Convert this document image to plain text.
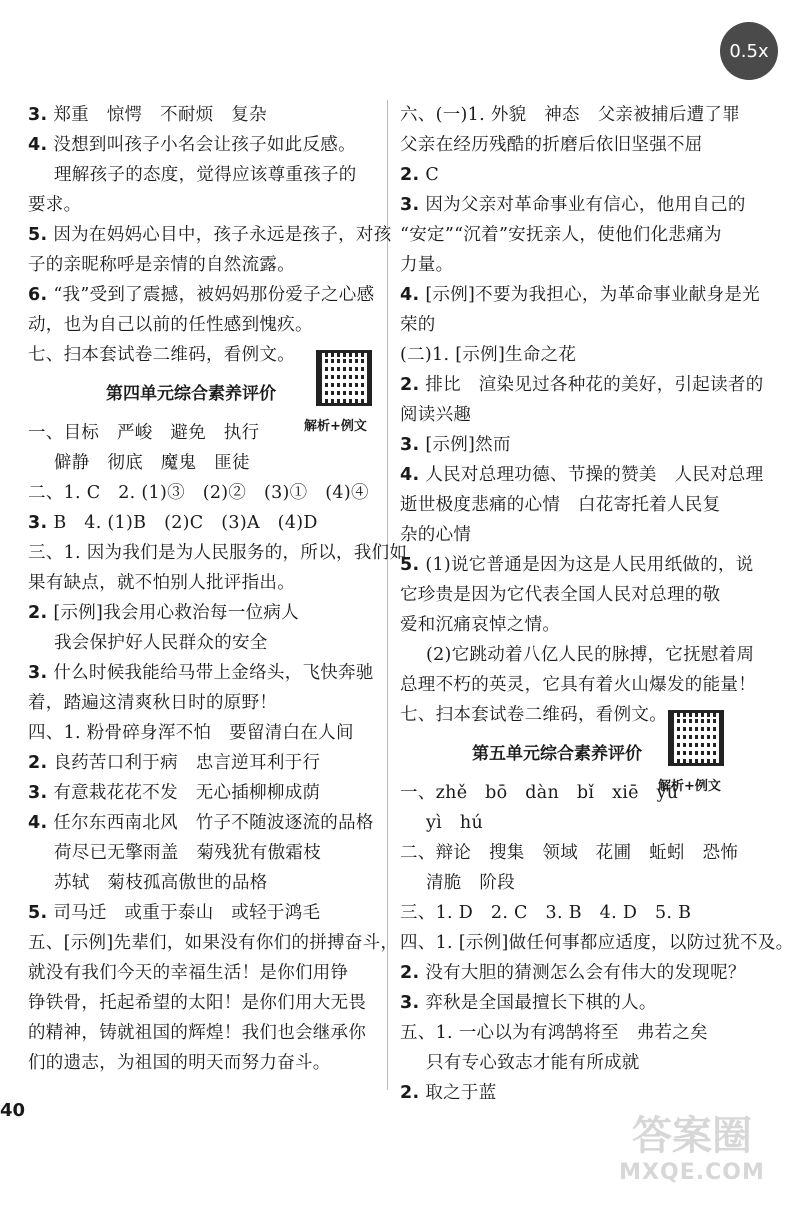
0.5x
3. 郑重　惊愕　不耐烦　复杂
4. 没想到叫孩子小名会让孩子如此反感。
理解孩子的态度，觉得应该尊重孩子的
要求。
5. 因为在妈妈心目中，孩子永远是孩子，对孩
子的亲昵称呼是亲情的自然流露。
6. “我”受到了震撼，被妈妈那份爱子之心感
动，也为自己以前的任性感到愧疚。
七、扫本套试卷二维码，看例文。
第四单元综合素养评价
解析+例文
一、目标　严峻　避免　执行
僻静　彻底　魔鬼　匪徒
二、1. C　2. (1)③　(2)②　(3)①　(4)④
3. B　4. (1)B　(2)C　(3)A　(4)D
三、1. 因为我们是为人民服务的，所以，我们如
果有缺点，就不怕别人批评指出。
2. [示例]我会用心救治每一位病人
我会保护好人民群众的安全
3. 什么时候我能给马带上金络头，飞快奔驰
着，踏遍这清爽秋日时的原野！
四、1. 粉骨碎身浑不怕　要留清白在人间
2. 良药苦口利于病　忠言逆耳利于行
3. 有意栽花花不发　无心插柳柳成荫
4. 任尔东西南北风　竹子不随波逐流的品格
荷尽已无擎雨盖　菊残犹有傲霜枝
苏轼　菊枝孤高傲世的品格
5. 司马迁　或重于泰山　或轻于鸿毛
五、[示例]先辈们，如果没有你们的拼搏奋斗，
就没有我们今天的幸福生活！是你们用铮
铮铁骨，托起希望的太阳！是你们用大无畏
的精神，铸就祖国的辉煌！我们也会继承你
们的遗志，为祖国的明天而努力奋斗。
六、(一)1. 外貌　神态　父亲被捕后遭了罪
父亲在经历残酷的折磨后依旧坚强不屈
2. C
3. 因为父亲对革命事业有信心，他用自己的
“安定”“沉着”安抚亲人，使他们化悲痛为
力量。
4. [示例]不要为我担心，为革命事业献身是光
荣的
(二)1. [示例]生命之花
2. 排比　渲染见过各种花的美好，引起读者的
阅读兴趣
3. [示例]然而
4. 人民对总理功德、节操的赞美　人民对总理
逝世极度悲痛的心情　白花寄托着人民复
杂的心情
5. (1)说它普通是因为这是人民用纸做的，说
它珍贵是因为它代表全国人民对总理的敬
爱和沉痛哀悼之情。
(2)它跳动着八亿人民的脉搏，它抚慰着周
总理不朽的英灵，它具有着火山爆发的能量！
七、扫本套试卷二维码，看例文。
第五单元综合素养评价
解析+例文
一、zhě　bō　dàn　bǐ　xiē　yú
yì　hú
二、辩论　搜集　领域　花圃　蚯蚓　恐怖
清脆　阶段
三、1. D　2. C　3. B　4. D　5. B
四、1. [示例]做任何事都应适度，以防过犹不及。
2. 没有大胆的猜测怎么会有伟大的发现呢？
3. 弈秋是全国最擅长下棋的人。
五、1. 一心以为有鸿鹄将至　弗若之矣
只有专心致志才能有所成就
2. 取之于蓝
40
答案圈
MXQE.COM
